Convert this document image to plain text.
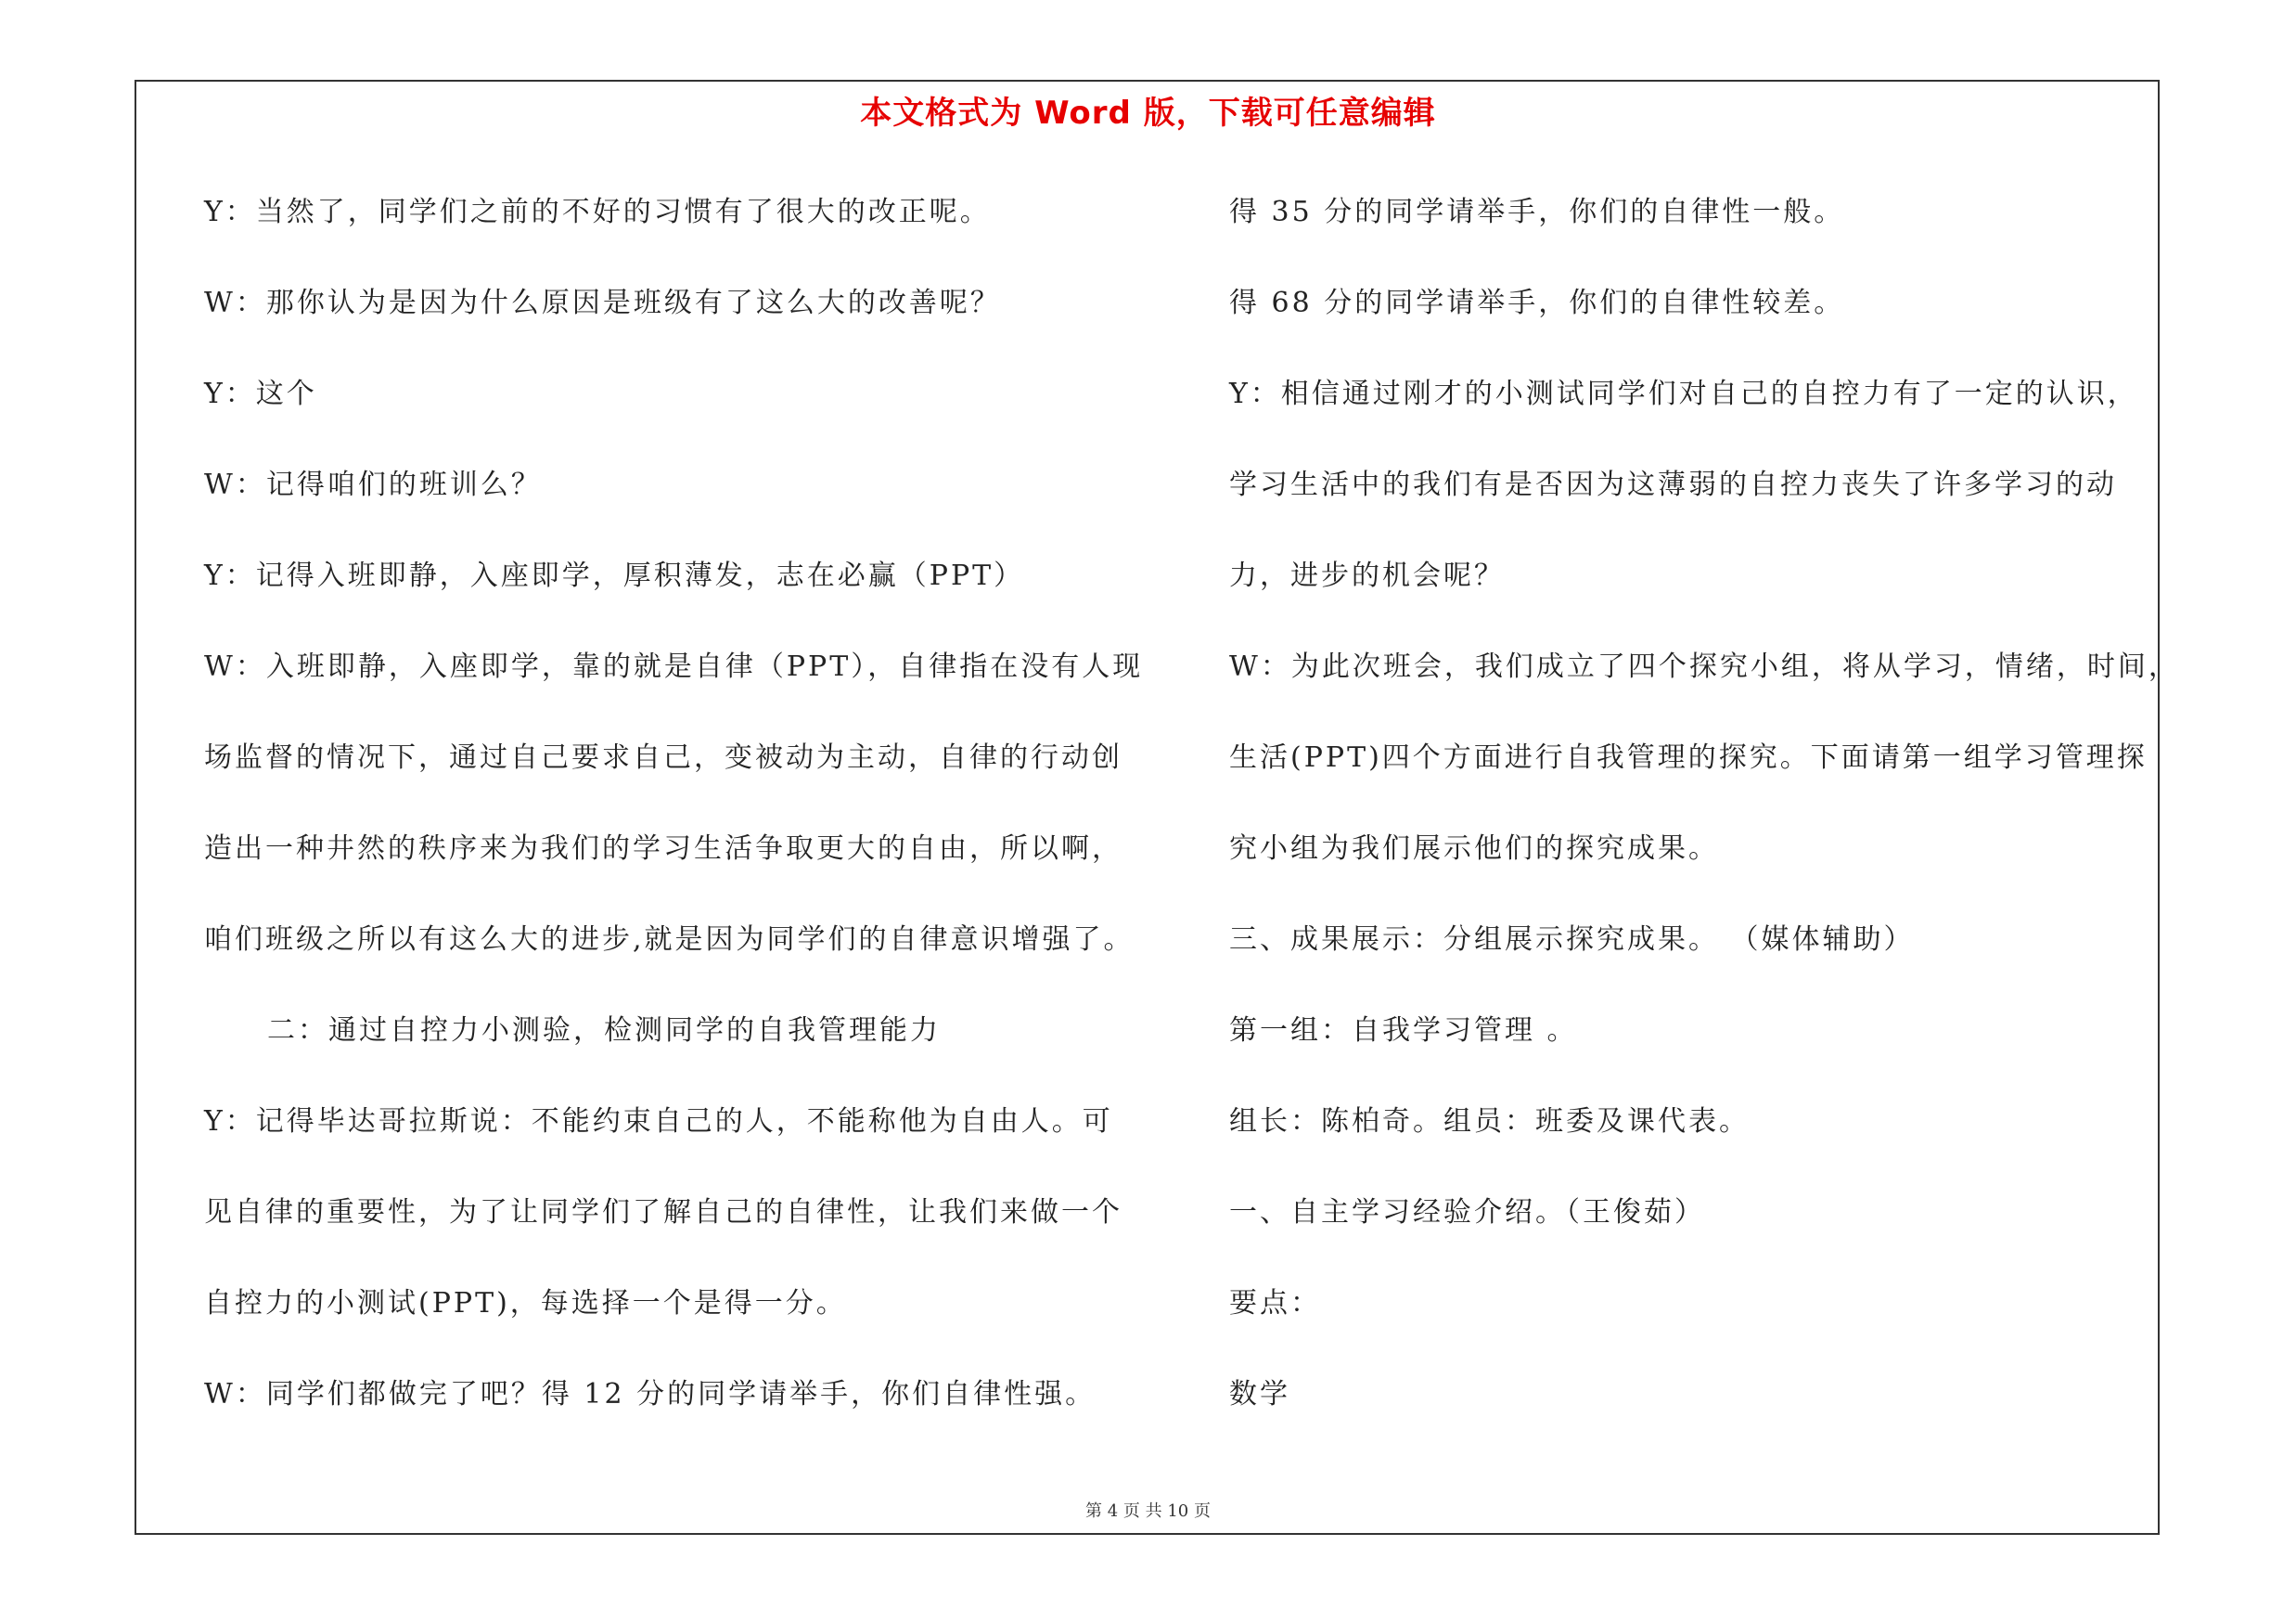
本文格式为 Word 版，下载可任意编辑
Y：当然了，同学们之前的不好的习惯有了很大的改正呢。
W：那你认为是因为什么原因是班级有了这么大的改善呢？
Y：这个
W：记得咱们的班训么？
Y：记得入班即静，入座即学，厚积薄发，志在必赢（PPT）
W：入班即静，入座即学，靠的就是自律（PPT），自律指在没有人现
场监督的情况下，通过自己要求自己，变被动为主动，自律的行动创
造出一种井然的秩序来为我们的学习生活争取更大的自由，所以啊，
咱们班级之所以有这么大的进步,就是因为同学们的自律意识增强了。
二：通过自控力小测验，检测同学的自我管理能力
Y：记得毕达哥拉斯说：不能约束自己的人，不能称他为自由人。可
见自律的重要性，为了让同学们了解自己的自律性，让我们来做一个
自控力的小测试(PPT)，每选择一个是得一分。
W：同学们都做完了吧？得 12 分的同学请举手，你们自律性强。
得 35 分的同学请举手，你们的自律性一般。
得 68 分的同学请举手，你们的自律性较差。
Y：相信通过刚才的小测试同学们对自己的自控力有了一定的认识，
学习生活中的我们有是否因为这薄弱的自控力丧失了许多学习的动
力，进步的机会呢？
W：为此次班会，我们成立了四个探究小组，将从学习，情绪，时间，
生活(PPT)四个方面进行自我管理的探究。下面请第一组学习管理探
究小组为我们展示他们的探究成果。
三、成果展示：分组展示探究成果。 （媒体辅助）
第一组：自我学习管理 。
组长：陈柏奇。组员：班委及课代表。
一、自主学习经验介绍。（王俊茹）
要点：
数学
第 4 页 共 10 页
